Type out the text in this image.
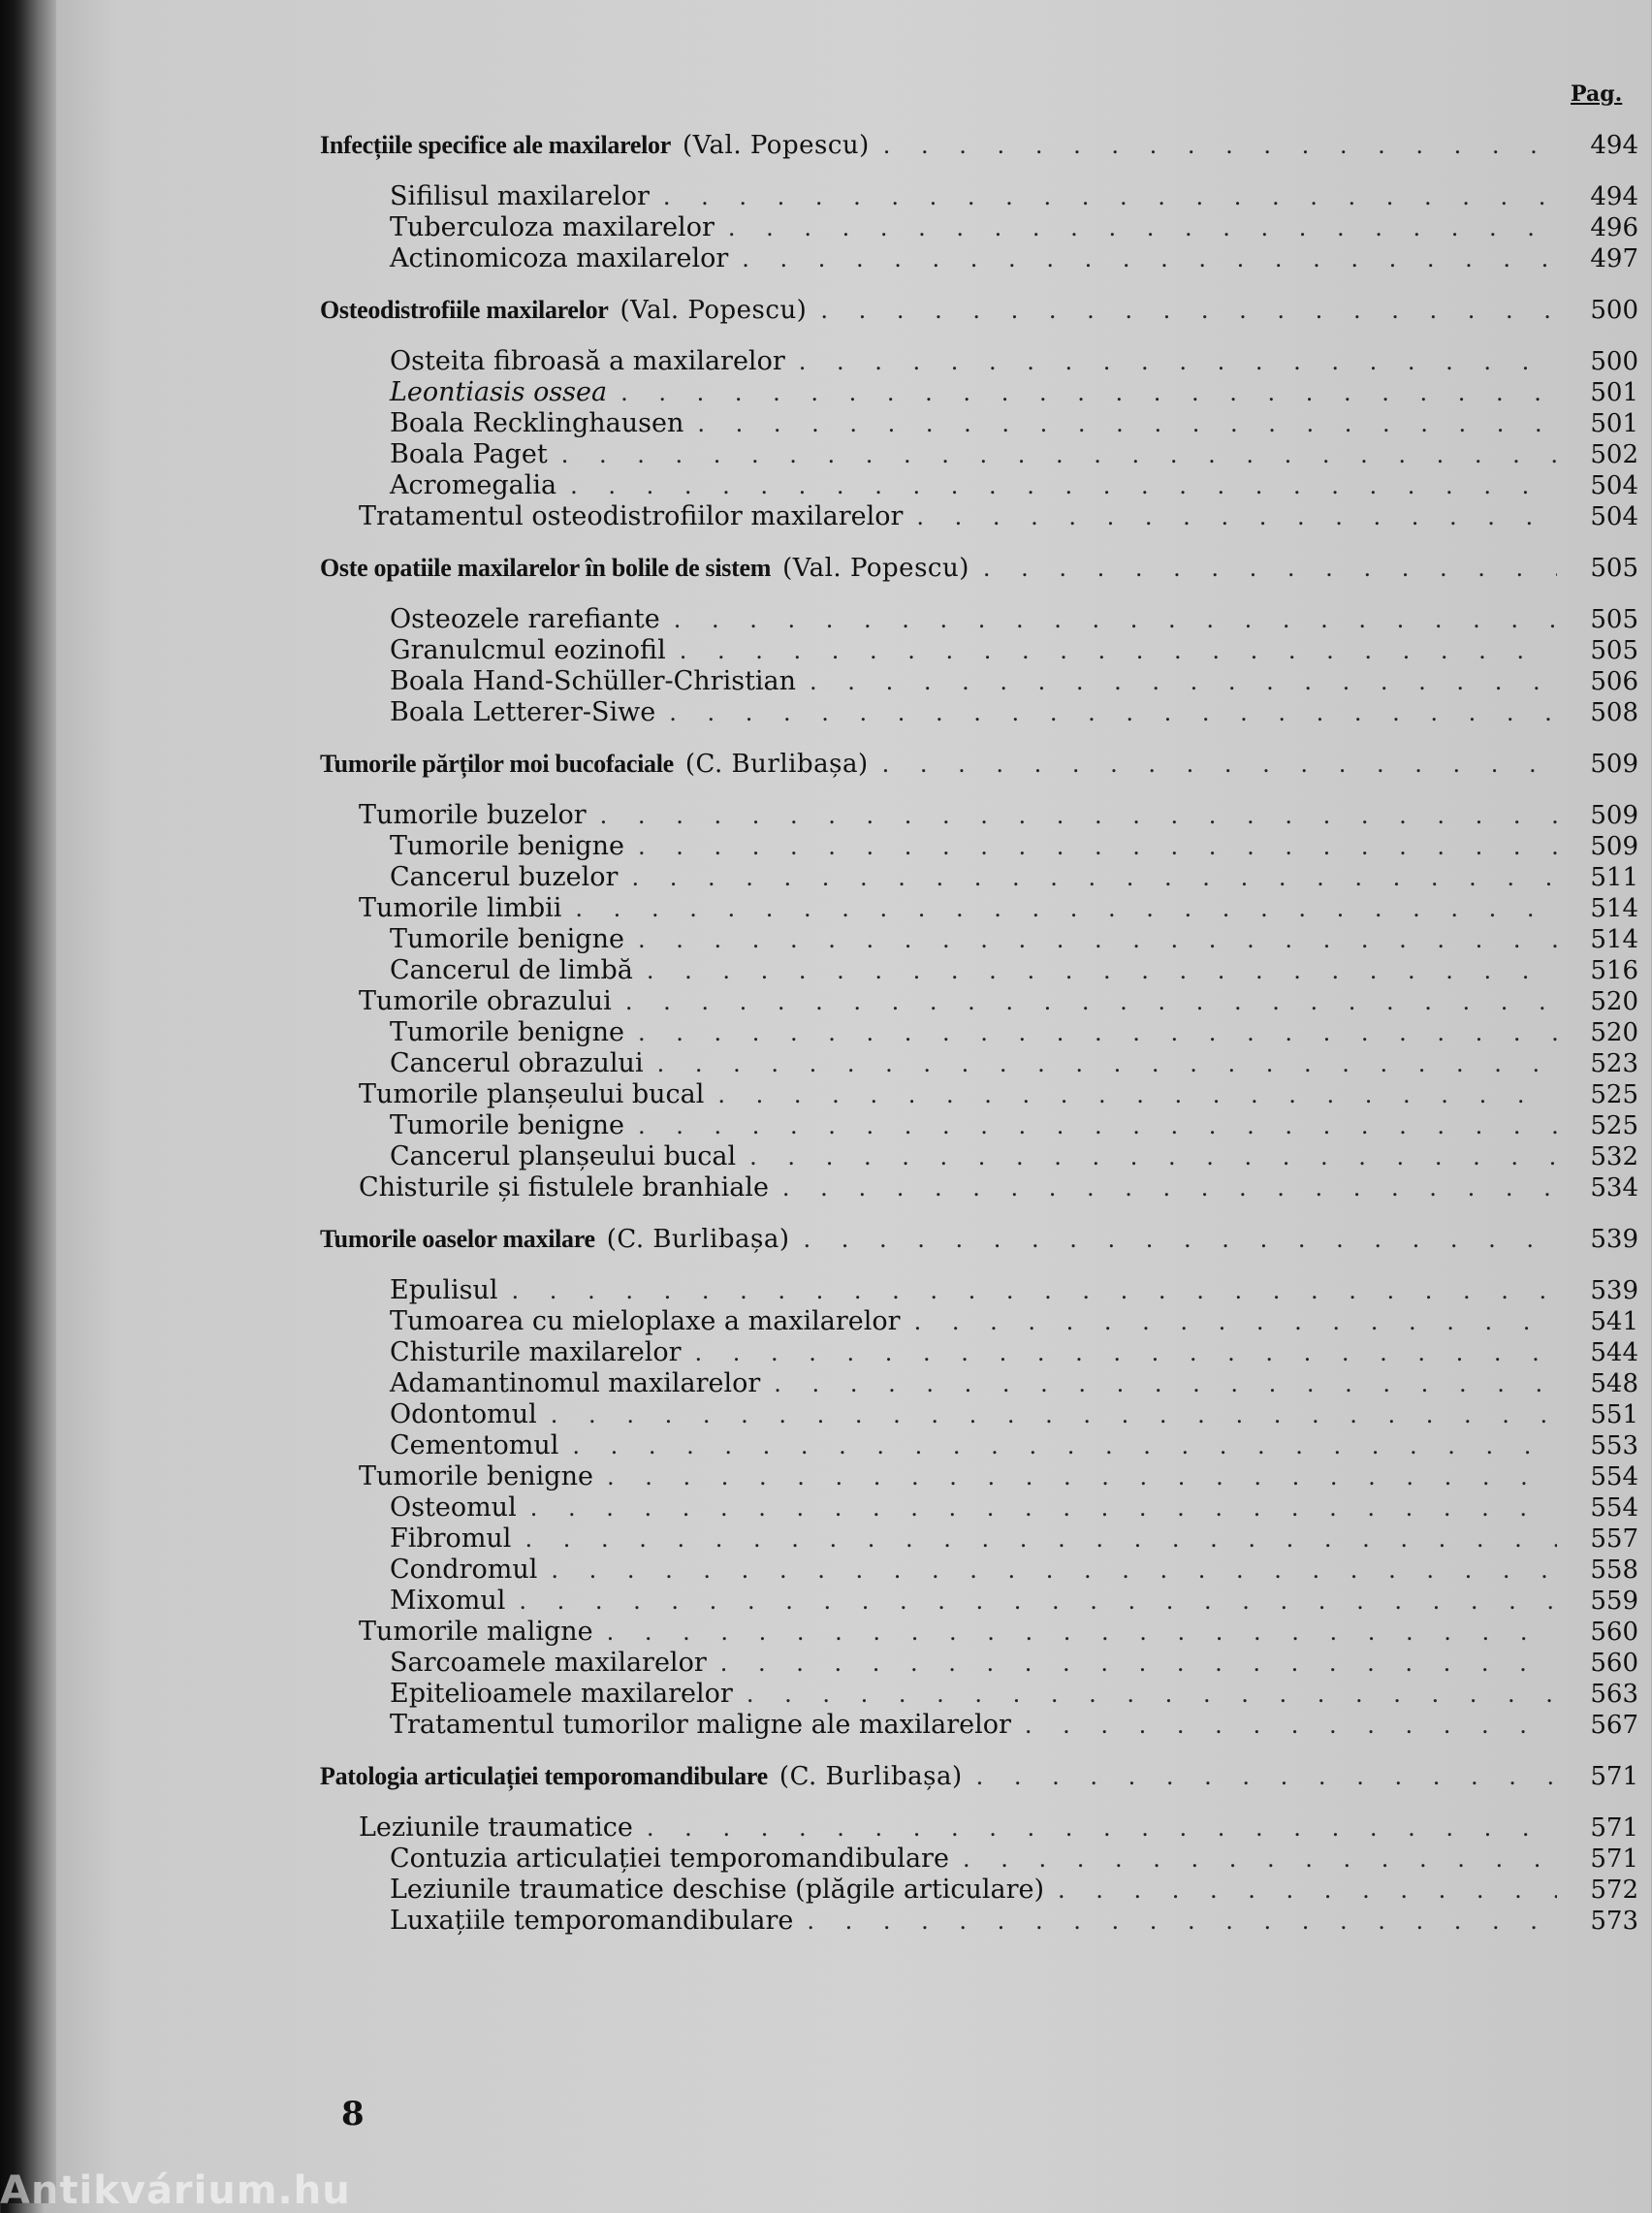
Pag.
Infecțiile specifice ale maxilarelor (Val. Popescu) . . .	494
Sifilisul maxilarelor . . .	494
Tuberculoza maxilarelor . . .	496
Actinomicoza maxilarelor . . .	497
Osteodistrofiile maxilarelor (Val. Popescu) . . .	500
Osteita fibroasă a maxilarelor . . .	500
Leontiasis ossea . . .	501
Boala Recklinghausen . . .	501
Boala Paget . . .	502
Acromegalia . . .	504
Tratamentul osteodistrofiilor maxilarelor . . .	504
Oste opatiile maxilarelor în bolile de sistem (Val. Popescu) . . .	505
Osteozele rarefiante . . .	505
Granulcmul eozinofil . . .	505
Boala Hand-Schüller-Christian . . .	506
Boala Letterer-Siwe . . .	508
Tumorile părților moi bucofaciale (C. Burlibașa) . . .	509
Tumorile buzelor . . .	509
Tumorile benigne . . .	509
Cancerul buzelor . . .	511
Tumorile limbii . . .	514
Tumorile benigne . . .	514
Cancerul de limbă . . .	516
Tumorile obrazului . . .	520
Tumorile benigne . . .	520
Cancerul obrazului . . .	523
Tumorile planșeului bucal . . .	525
Tumorile benigne . . .	525
Cancerul planșeului bucal . . .	532
Chisturile și fistulele branhiale . . .	534
Tumorile oaselor maxilare (C. Burlibașa) . . .	539
Epulisul . . .	539
Tumoarea cu mieloplaxe a maxilarelor . . .	541
Chisturile maxilarelor . . .	544
Adamantinomul maxilarelor . . .	548
Odontomul . . .	551
Cementomul . . .	553
Tumorile benigne . . .	554
Osteomul . . .	554
Fibromul . . .	557
Condromul . . .	558
Mixomul . . .	559
Tumorile maligne . . .	560
Sarcoamele maxilarelor . . .	560
Epitelioamele maxilarelor . . .	563
Tratamentul tumorilor maligne ale maxilarelor . . .	567
Patologia articulației temporomandibulare (C. Burlibașa) . . .	571
Leziunile traumatice . . .	571
Contuzia articulației temporomandibulare . . .	571
Leziunile traumatice deschise (plăgile articulare) . . .	572
Luxațiile temporomandibulare . . .	573
8
Antikvárium.hu
